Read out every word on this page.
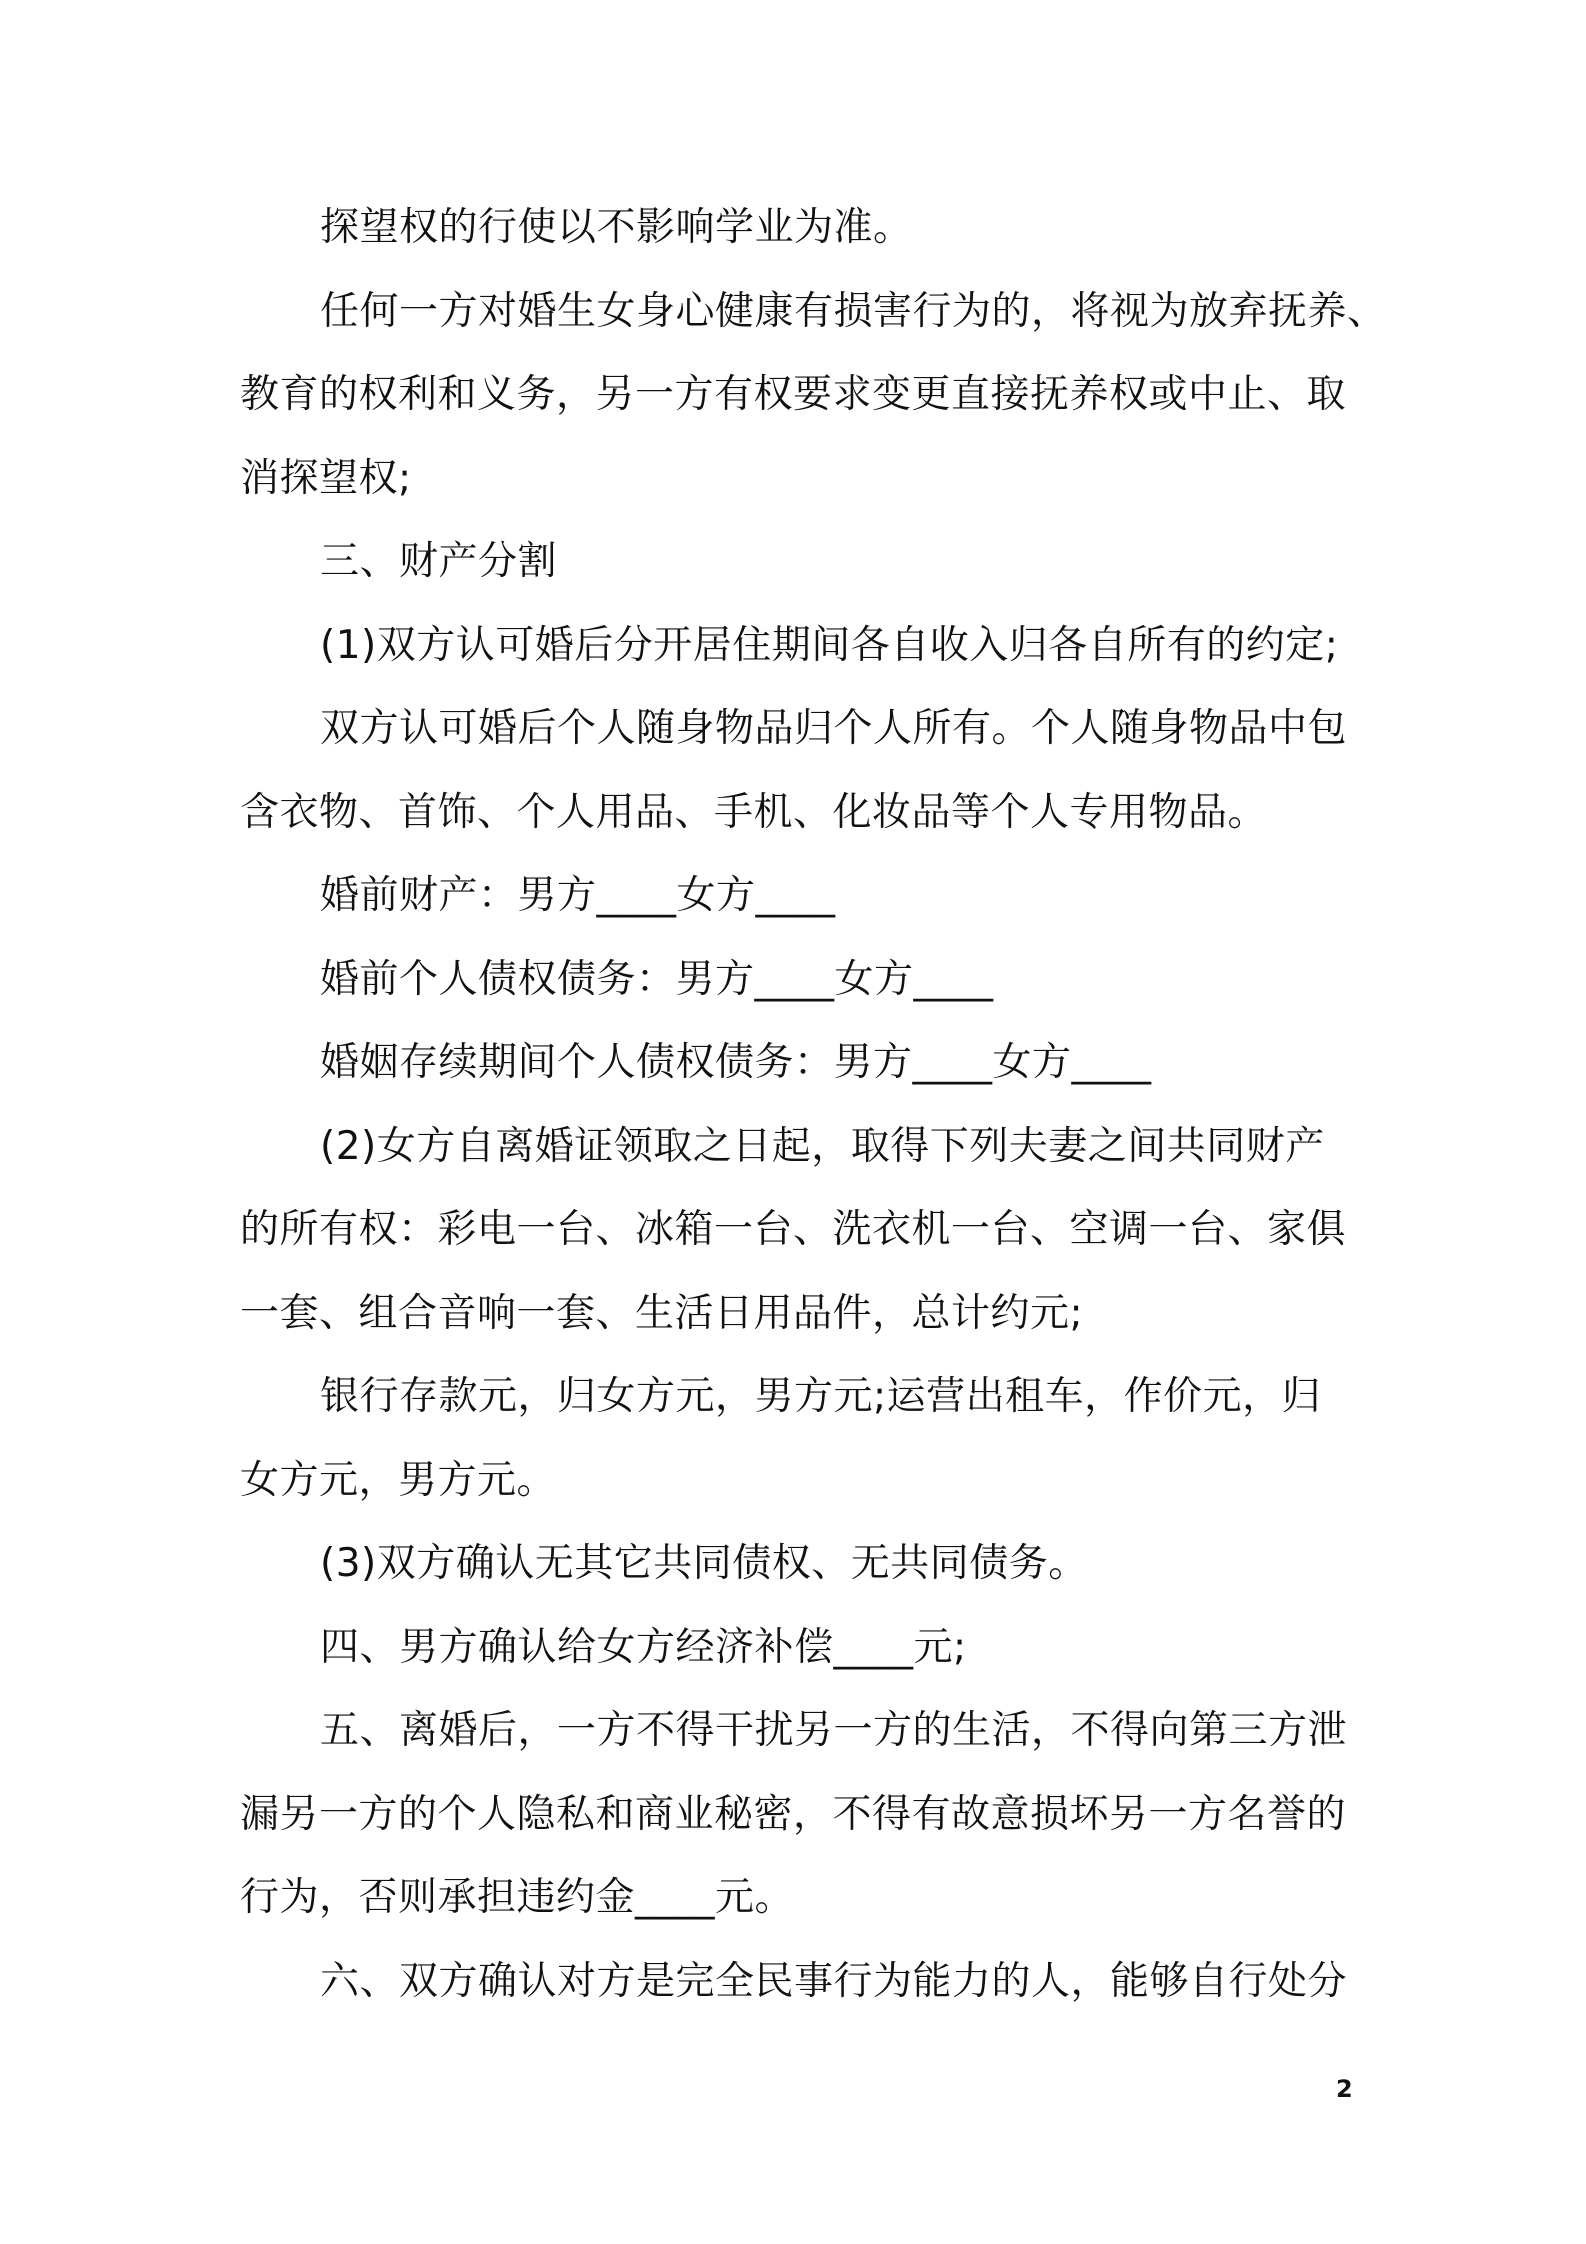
探望权的行使以不影响学业为准。
任何一方对婚生女身心健康有损害行为的，将视为放弃抚养、
教育的权利和义务，另一方有权要求变更直接抚养权或中止、取
消探望权;
三、财产分割
(1)双方认可婚后分开居住期间各自收入归各自所有的约定;
双方认可婚后个人随身物品归个人所有。个人随身物品中包
含衣物、首饰、个人用品、手机、化妆品等个人专用物品。
婚前财产：男方____女方____
婚前个人债权债务：男方____女方____
婚姻存续期间个人债权债务：男方____女方____
(2)女方自离婚证领取之日起，取得下列夫妻之间共同财产
的所有权：彩电一台、冰箱一台、洗衣机一台、空调一台、家俱
一套、组合音响一套、生活日用品件，总计约元;
银行存款元，归女方元，男方元;运营出租车，作价元，归
女方元，男方元。
(3)双方确认无其它共同债权、无共同债务。
四、男方确认给女方经济补偿____元;
五、离婚后，一方不得干扰另一方的生活，不得向第三方泄
漏另一方的个人隐私和商业秘密，不得有故意损坏另一方名誉的
行为，否则承担违约金____元。
六、双方确认对方是完全民事行为能力的人，能够自行处分
2
